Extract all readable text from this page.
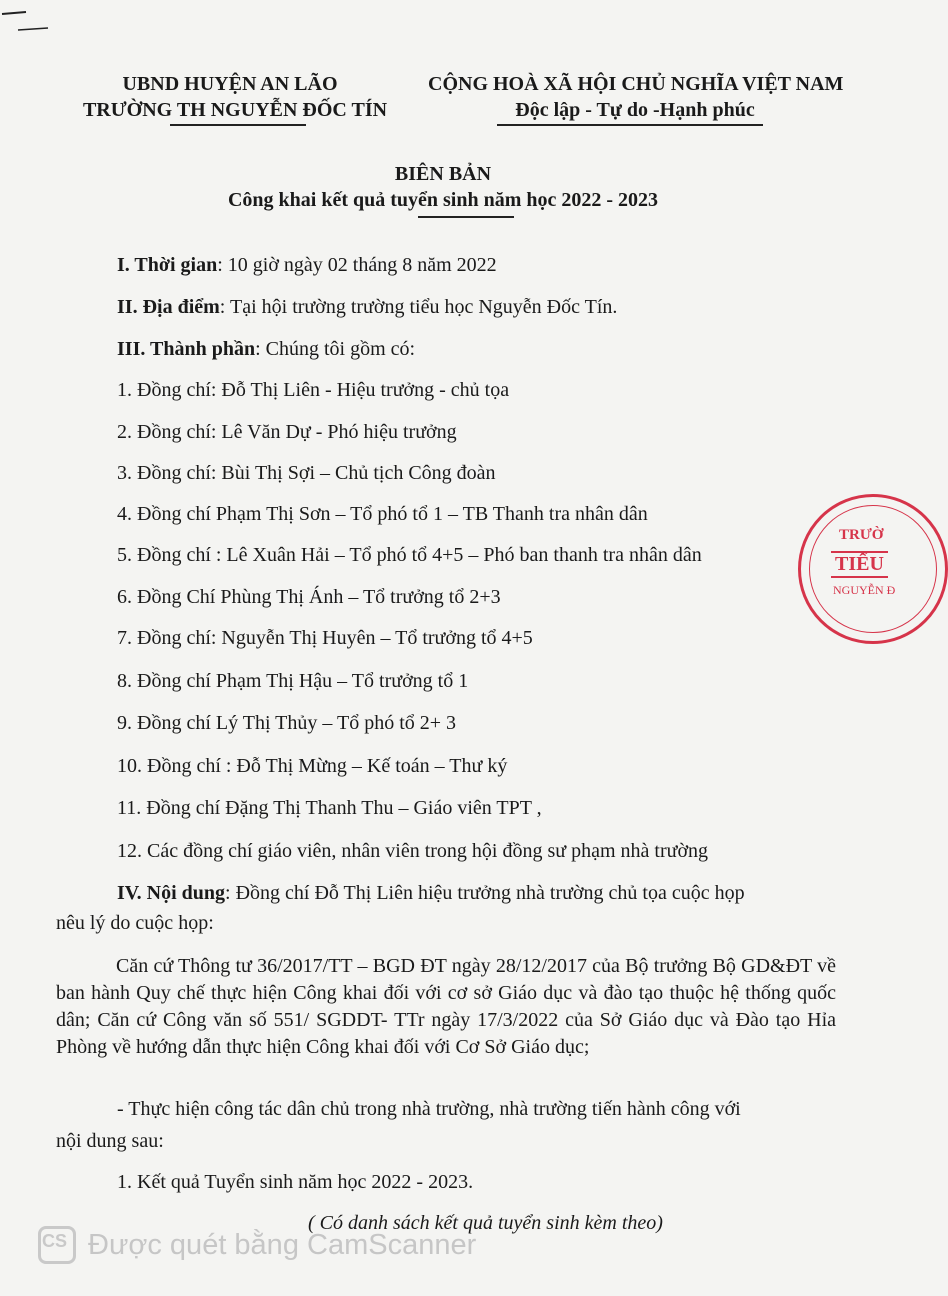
UBND HUYỆN AN LÃO
TRƯỜNG TH NGUYỄN ĐỐC TÍN
CỘNG HOÀ XÃ HỘI CHỦ NGHĨA VIỆT NAM
Độc lập - Tự do -Hạnh phúc
BIÊN BẢN
Công khai kết quả tuyển sinh năm học 2022 - 2023
I. Thời gian: 10 giờ ngày 02 tháng 8 năm 2022
II. Địa điểm: Tại hội trường trường tiểu học Nguyễn Đốc Tín.
III. Thành phần: Chúng tôi gồm có:
1. Đồng chí: Đỗ Thị Liên - Hiệu trưởng - chủ tọa
2. Đồng chí: Lê Văn Dự - Phó hiệu trưởng
3. Đồng chí: Bùi Thị Sợi – Chủ tịch Công đoàn
4. Đồng chí Phạm Thị Sơn – Tổ phó tổ 1 – TB Thanh tra nhân dân
5. Đồng chí : Lê Xuân Hải – Tổ phó tổ 4+5 – Phó ban thanh tra nhân dân
6. Đồng Chí Phùng Thị Ánh – Tổ trưởng tổ 2+3
7. Đồng chí: Nguyễn Thị Huyên – Tổ trưởng tổ 4+5
8. Đồng chí Phạm Thị Hậu – Tổ trưởng tổ 1
9. Đồng chí Lý Thị Thủy – Tổ phó tổ 2+ 3
10. Đồng chí : Đỗ Thị Mừng – Kế toán – Thư ký
11. Đồng chí Đặng Thị Thanh Thu – Giáo viên TPT ,
12. Các đồng chí giáo viên, nhân viên trong hội đồng sư phạm nhà trường
IV. Nội dung: Đồng chí Đỗ Thị Liên hiệu trưởng nhà trường chủ tọa cuộc họp
nêu lý do cuộc họp:
Căn cứ Thông tư 36/2017/TT – BGD ĐT ngày 28/12/2017 của Bộ trưởng Bộ GD&ĐT về ban hành Quy chế thực hiện Công khai đối với cơ sở Giáo dục và đào tạo thuộc hệ thống quốc dân; Căn cứ Công văn số 551/ SGDDT- TTr ngày 17/3/2022 của Sở Giáo dục và Đào tạo Hỉa Phòng về hướng dẫn thực hiện Công khai đối với Cơ Sở Giáo dục;
- Thực hiện công tác dân chủ trong nhà trường, nhà trường tiến hành công với
nội dung sau:
1. Kết quả Tuyển sinh năm học 2022 - 2023.
( Có danh sách kết quả tuyển sinh kèm theo)
TRƯỜ
TIỂU
NGUYỄN Đ
CS Được quét bằng CamScanner
